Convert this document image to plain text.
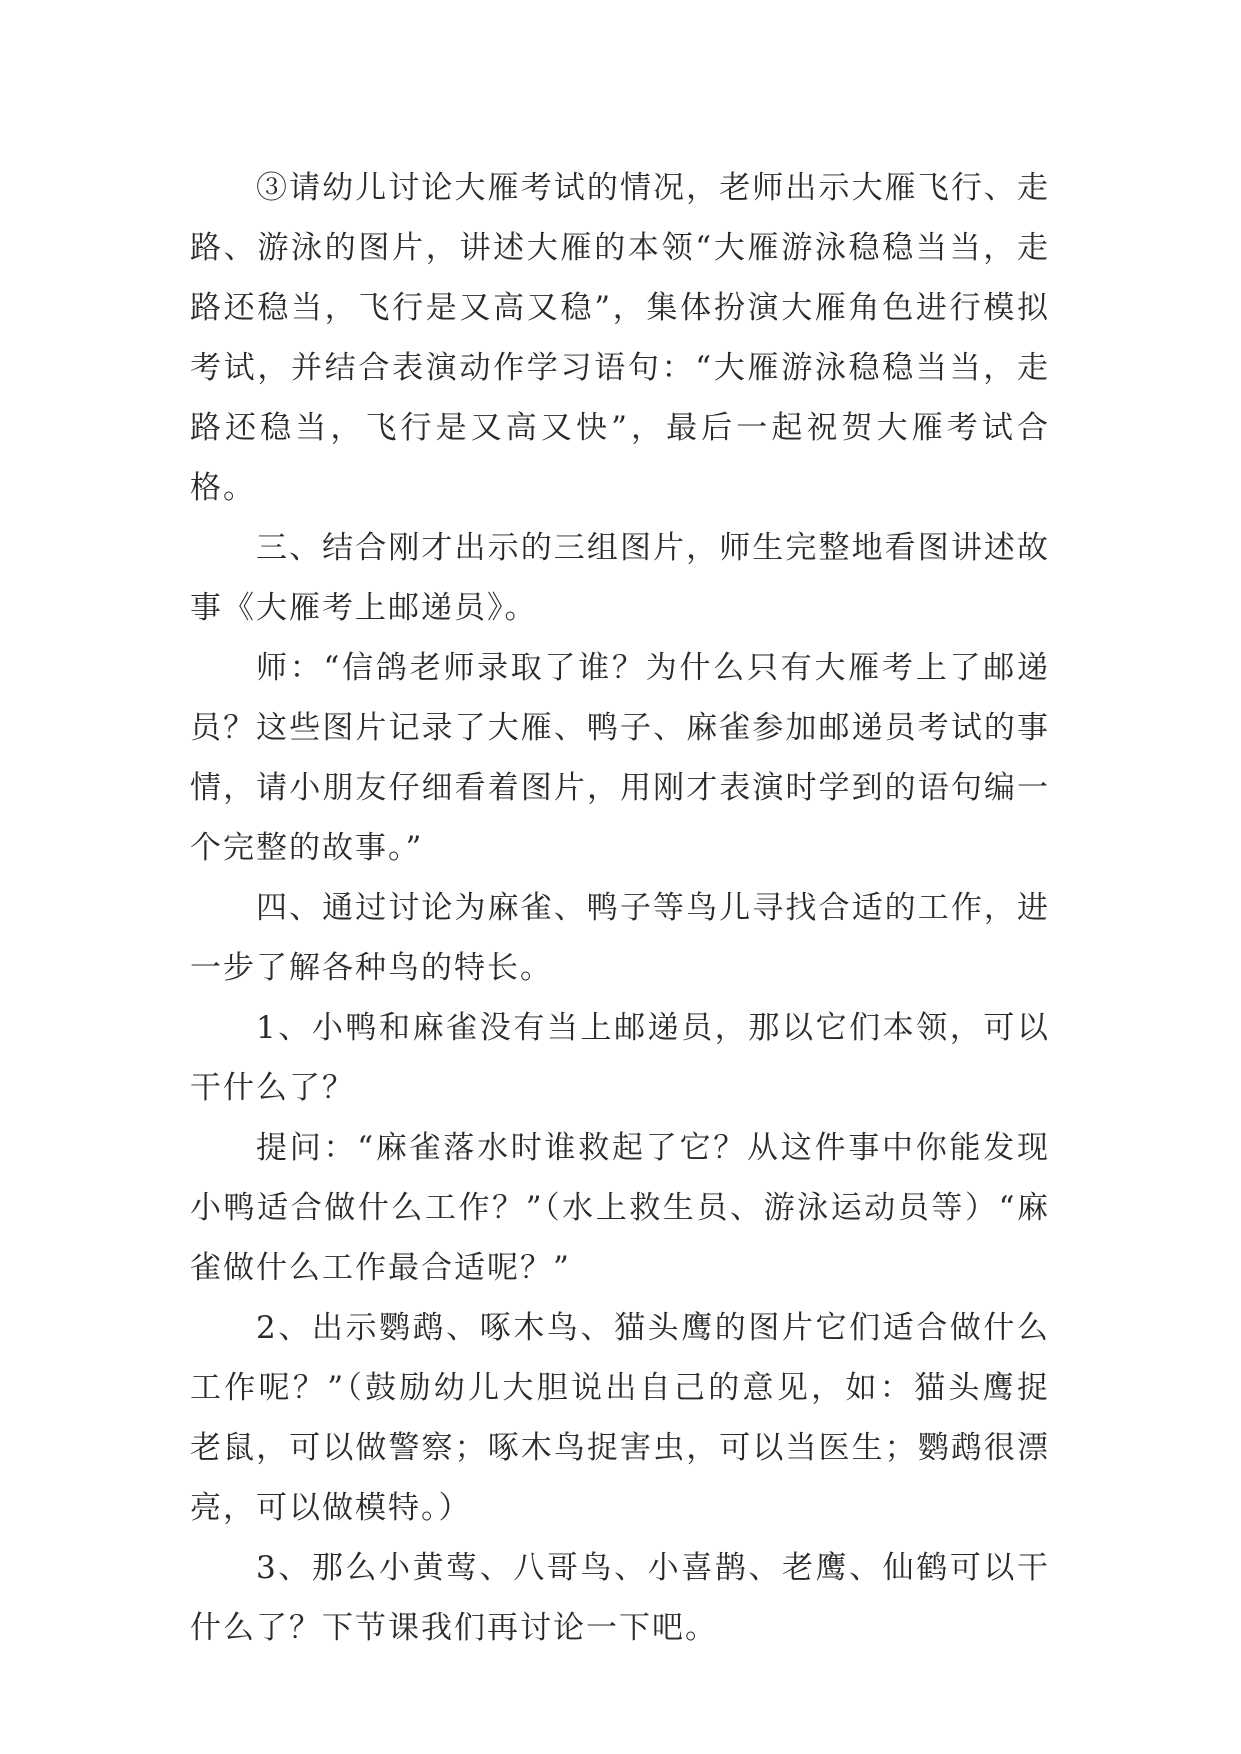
③请幼儿讨论大雁考试的情况，老师出示大雁飞行、走路、游泳的图片，讲述大雁的本领“大雁游泳稳稳当当，走路还稳当，飞行是又高又稳”，集体扮演大雁角色进行模拟考试，并结合表演动作学习语句：“大雁游泳稳稳当当，走路还稳当，飞行是又高又快”，最后一起祝贺大雁考试合格。

三、结合刚才出示的三组图片，师生完整地看图讲述故事《大雁考上邮递员》。

师：“信鸽老师录取了谁？为什么只有大雁考上了邮递员？这些图片记录了大雁、鸭子、麻雀参加邮递员考试的事情，请小朋友仔细看着图片，用刚才表演时学到的语句编一个完整的故事。”

四、通过讨论为麻雀、鸭子等鸟儿寻找合适的工作，进一步了解各种鸟的特长。

1、小鸭和麻雀没有当上邮递员，那以它们本领，可以干什么了？

提问：“麻雀落水时谁救起了它？从这件事中你能发现小鸭适合做什么工作？”（水上救生员、游泳运动员等）“麻雀做什么工作最合适呢？”

2、出示鹦鹉、啄木鸟、猫头鹰的图片它们适合做什么工作呢？”（鼓励幼儿大胆说出自己的意见，如：猫头鹰捉老鼠，可以做警察；啄木鸟捉害虫，可以当医生；鹦鹉很漂亮，可以做模特。）

3、那么小黄莺、八哥鸟、小喜鹊、老鹰、仙鹤可以干什么了？下节课我们再讨论一下吧。
